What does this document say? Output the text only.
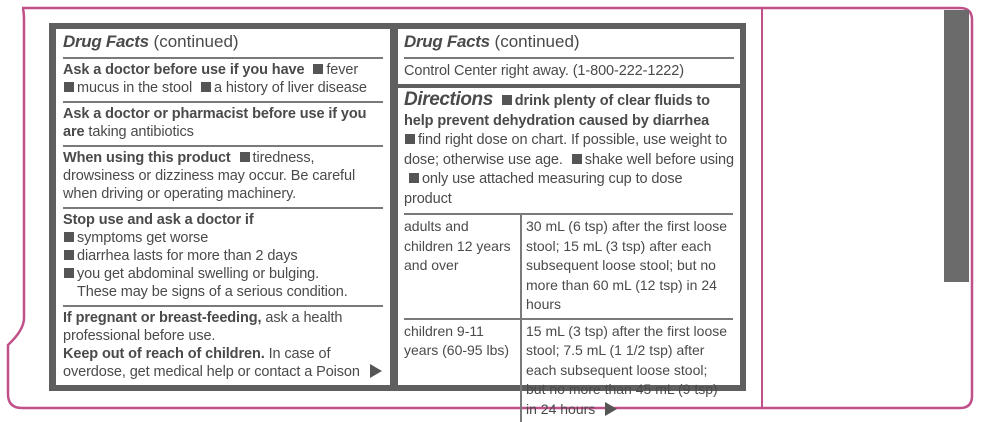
Drug Facts (continued)
Ask a doctor before use if you have fever
mucus in the stool a history of liver disease
Ask a doctor or pharmacist before use if you are taking antibiotics
When using this product tiredness, drowsiness or dizziness may occur. Be careful when driving or operating machinery.
Stop use and ask a doctor if
symptoms get worse
diarrhea lasts for more than 2 days
you get abdominal swelling or bulging.
These may be signs of a serious condition.
If pregnant or breast-feeding, ask a health professional before use.
Keep out of reach of children. In case of overdose, get medical help or contact a Poison
Drug Facts (continued)
Control Center right away. (1-800-222-1222)
Directions drink plenty of clear fluids to help prevent dehydration caused by diarrhea
find right dose on chart. If possible, use weight to dose; otherwise use age. shake well before using  only use attached measuring cup to dose product
adults and children 12 years and over	30 mL (6 tsp) after the first loose stool; 15 mL (3 tsp) after each subsequent loose stool; but no more than 60 mL (12 tsp) in 24 hours
children 9-11 years (60-95 lbs)	15 mL (3 tsp) after the first loose stool; 7.5 mL (1 1/2 tsp) after each subsequent loose stool; but no more than 45 mL (9 tsp) in 24 hours
